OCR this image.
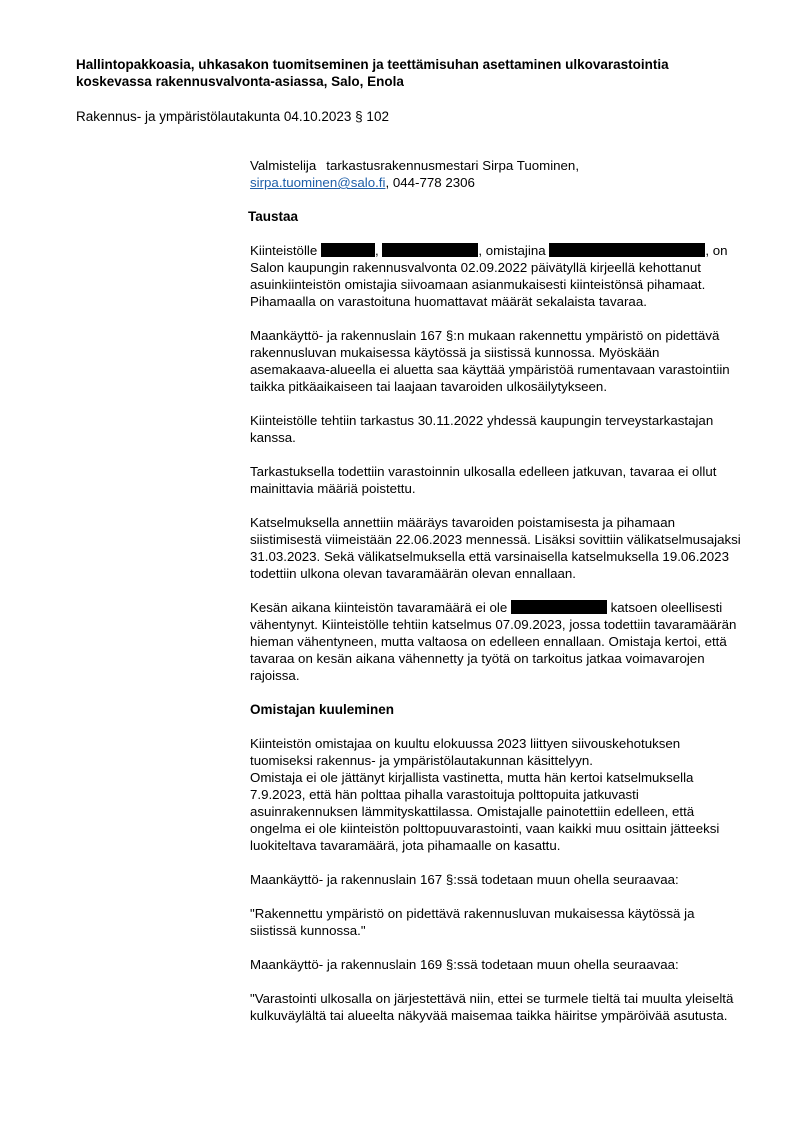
Hallintopakkoasia, uhkasakon tuomitseminen ja teettämisuhan asettaminen ulkovarastointia koskevassa rakennusvalvonta-asiassa, Salo, Enola

Rakennus- ja ympäristölautakunta 04.10.2023 § 102

Valmistelija tarkastusrakennusmestari Sirpa Tuominen,
sirpa.tuominen@salo.fi, 044-778 2306

Taustaa

Kiinteistölle	,	, omistajina	, on Salon kaupungin rakennusvalvonta 02.09.2022 päivätyllä kirjeellä kehottanut asuinkiinteistön omistajia siivoamaan asianmukaisesti kiinteistönsä pihamaat. Pihamaalla on varastoituna huomattavat määrät sekalaista tavaraa.

Maankäyttö- ja rakennuslain 167 §:n mukaan rakennettu ympäristö on pidettävä rakennusluvan mukaisessa käytössä ja siistissä kunnossa. Myöskään asemakaava-alueella ei aluetta saa käyttää ympäristöä rumentavaan varastointiin taikka pitkäaikaiseen tai laajaan tavaroiden ulkosäilytykseen.

Kiinteistölle tehtiin tarkastus 30.11.2022 yhdessä kaupungin terveystarkastajan kanssa.

Tarkastuksella todettiin varastoinnin ulkosalla edelleen jatkuvan, tavaraa ei ollut mainittavia määriä poistettu.

Katselmuksella annettiin määräys tavaroiden poistamisesta ja pihamaan siistimisestä viimeistään 22.06.2023 mennessä. Lisäksi sovittiin välikatselmusajaksi 31.03.2023. Sekä välikatselmuksella että varsinaisella katselmuksella 19.06.2023 todettiin ulkona olevan tavaramäärän olevan ennallaan.

Kesän aikana kiinteistön tavaramäärä ei ole	katsoen oleellisesti vähentynyt. Kiinteistölle tehtiin katselmus 07.09.2023, jossa todettiin tavaramäärän hieman vähentyneen, mutta valtaosa on edelleen ennallaan. Omistaja kertoi, että tavaraa on kesän aikana vähennetty ja työtä on tarkoitus jatkaa voimavarojen rajoissa.

Omistajan kuuleminen

Kiinteistön omistajaa on kuultu elokuussa 2023 liittyen siivouskehotuksen tuomiseksi rakennus- ja ympäristölautakunnan käsittelyyn.
Omistaja ei ole jättänyt kirjallista vastinetta, mutta hän kertoi katselmuksella 7.9.2023, että hän polttaa pihalla varastoituja polttopuita jatkuvasti asuinrakennuksen lämmityskattilassa. Omistajalle painotettiin edelleen, että ongelma ei ole kiinteistön polttopuuvarastointi, vaan kaikki muu osittain jätteeksi luokiteltava tavaramäärä, jota pihamaalle on kasattu.

Maankäyttö- ja rakennuslain 167 §:ssä todetaan muun ohella seuraavaa:

"Rakennettu ympäristö on pidettävä rakennusluvan mukaisessa käytössä ja siistissä kunnossa."

Maankäyttö- ja rakennuslain 169 §:ssä todetaan muun ohella seuraavaa:

"Varastointi ulkosalla on järjestettävä niin, ettei se turmele tieltä tai muulta yleiseltä kulkuväylältä tai alueelta näkyvää maisemaa taikka häiritse ympäröivää asutusta.
